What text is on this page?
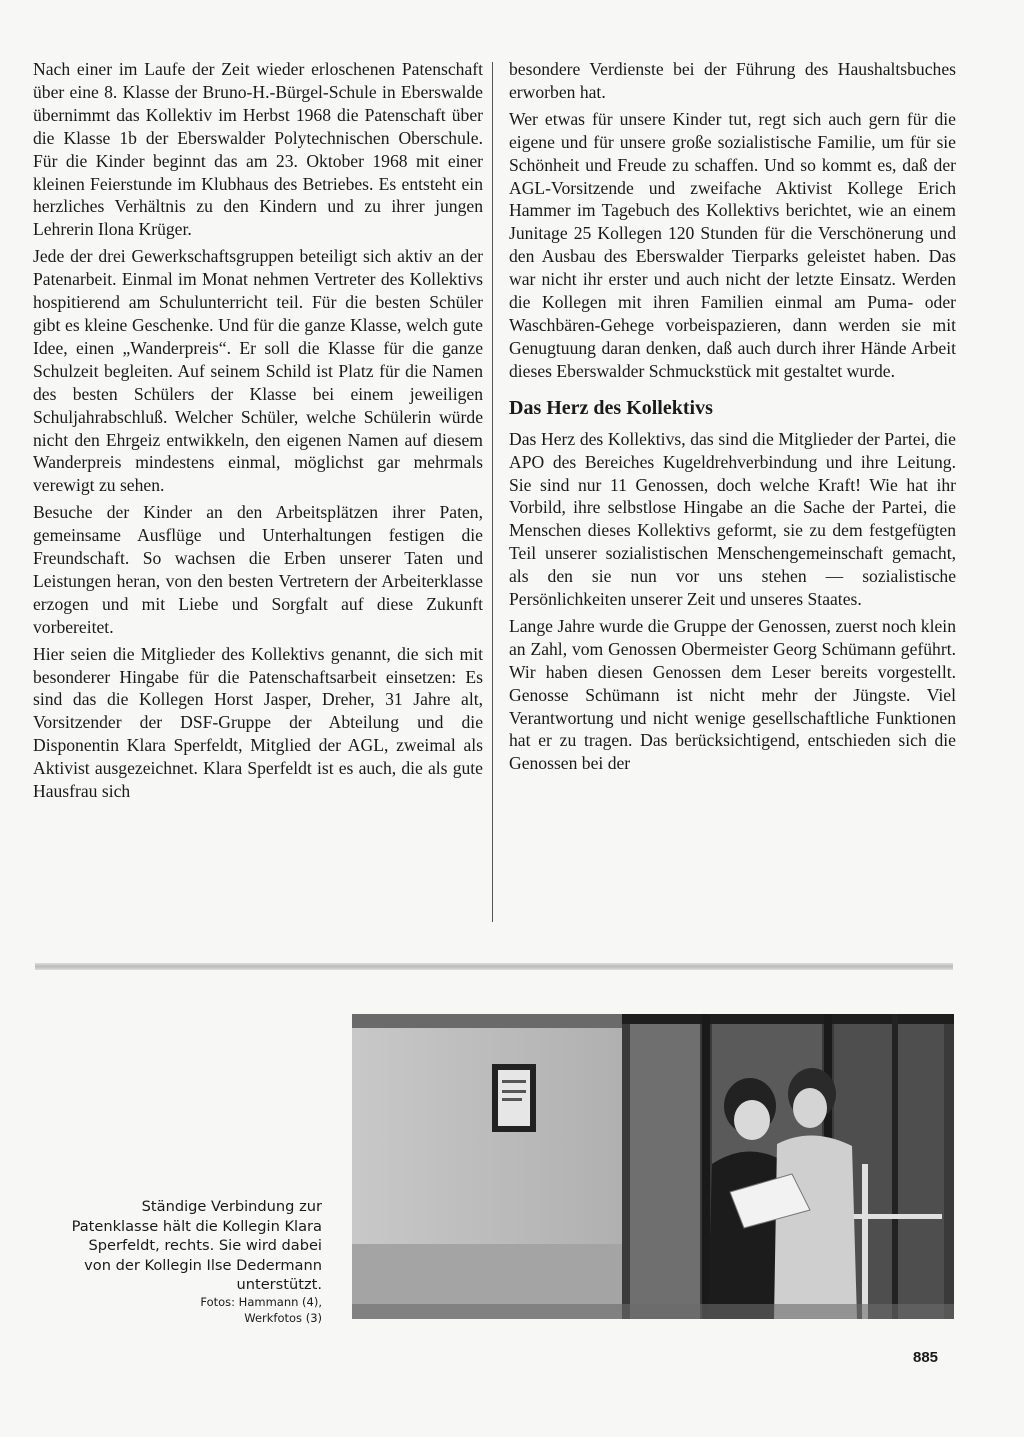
Nach einer im Laufe der Zeit wieder erloschenen Patenschaft über eine 8. Klasse der Bruno-H.-Bürgel-Schule in Eberswalde übernimmt das Kollektiv im Herbst 1968 die Patenschaft über die Klasse 1b der Eberswalder Polytechnischen Oberschule. Für die Kinder beginnt das am 23. Oktober 1968 mit einer kleinen Feierstunde im Klubhaus des Betriebes. Es entsteht ein herzliches Verhältnis zu den Kindern und zu ihrer jungen Lehrerin Ilona Krüger.

Jede der drei Gewerkschaftsgruppen beteiligt sich aktiv an der Patenarbeit. Einmal im Monat nehmen Vertreter des Kollektivs hospitierend am Schulunterricht teil. Für die besten Schüler gibt es kleine Geschenke. Und für die ganze Klasse, welch gute Idee, einen „Wanderpreis“. Er soll die Klasse für die ganze Schulzeit begleiten. Auf seinem Schild ist Platz für die Namen des besten Schülers der Klasse bei einem jeweiligen Schuljahrabschluß. Welcher Schüler, welche Schülerin würde nicht den Ehrgeiz entwikkeln, den eigenen Namen auf diesem Wanderpreis mindestens einmal, möglichst gar mehrmals verewigt zu sehen.

Besuche der Kinder an den Arbeitsplätzen ihrer Paten, gemeinsame Ausflüge und Unterhaltungen festigen die Freundschaft. So wachsen die Erben unserer Taten und Leistungen heran, von den besten Vertretern der Arbeiterklasse erzogen und mit Liebe und Sorgfalt auf diese Zukunft vorbereitet.

Hier seien die Mitglieder des Kollektivs genannt, die sich mit besonderer Hingabe für die Patenschaftsarbeit einsetzen: Es sind das die Kollegen Horst Jasper, Dreher, 31 Jahre alt, Vorsitzender der DSF-Gruppe der Abteilung und die Disponentin Klara Sperfeldt, Mitglied der AGL, zweimal als Aktivist ausgezeichnet. Klara Sperfeldt ist es auch, die als gute Hausfrau sich

besondere Verdienste bei der Führung des Haushaltsbuches erworben hat.

Wer etwas für unsere Kinder tut, regt sich auch gern für die eigene und für unsere große sozialistische Familie, um für sie Schönheit und Freude zu schaffen. Und so kommt es, daß der AGL-Vorsitzende und zweifache Aktivist Kollege Erich Hammer im Tagebuch des Kollektivs berichtet, wie an einem Junitage 25 Kollegen 120 Stunden für die Verschönerung und den Ausbau des Eberswalder Tierparks geleistet haben. Das war nicht ihr erster und auch nicht der letzte Einsatz. Werden die Kollegen mit ihren Familien einmal am Puma- oder Waschbären-Gehege vorbeispazieren, dann werden sie mit Genugtuung daran denken, daß auch durch ihrer Hände Arbeit dieses Eberswalder Schmuckstück mit gestaltet wurde.

Das Herz des Kollektivs

Das Herz des Kollektivs, das sind die Mitglieder der Partei, die APO des Bereiches Kugeldrehverbindung und ihre Leitung. Sie sind nur 11 Genossen, doch welche Kraft! Wie hat ihr Vorbild, ihre selbstlose Hingabe an die Sache der Partei, die Menschen dieses Kollektivs geformt, sie zu dem festgefügten Teil unserer sozialistischen Menschengemeinschaft gemacht, als den sie nun vor uns stehen — sozialistische Persönlichkeiten unserer Zeit und unseres Staates.

Lange Jahre wurde die Gruppe der Genossen, zuerst noch klein an Zahl, vom Genossen Obermeister Georg Schümann geführt. Wir haben diesen Genossen dem Leser bereits vorgestellt. Genosse Schümann ist nicht mehr der Jüngste. Viel Verantwortung und nicht wenige gesellschaftliche Funktionen hat er zu tragen. Das berücksichtigend, entschieden sich die Genossen bei der

Ständige Verbindung zur Patenklasse hält die Kollegin Klara Sperfeldt, rechts. Sie wird dabei von der Kollegin Ilse Dedermann unterstützt.
Fotos: Hammann (4),
Werkfotos (3)
885
